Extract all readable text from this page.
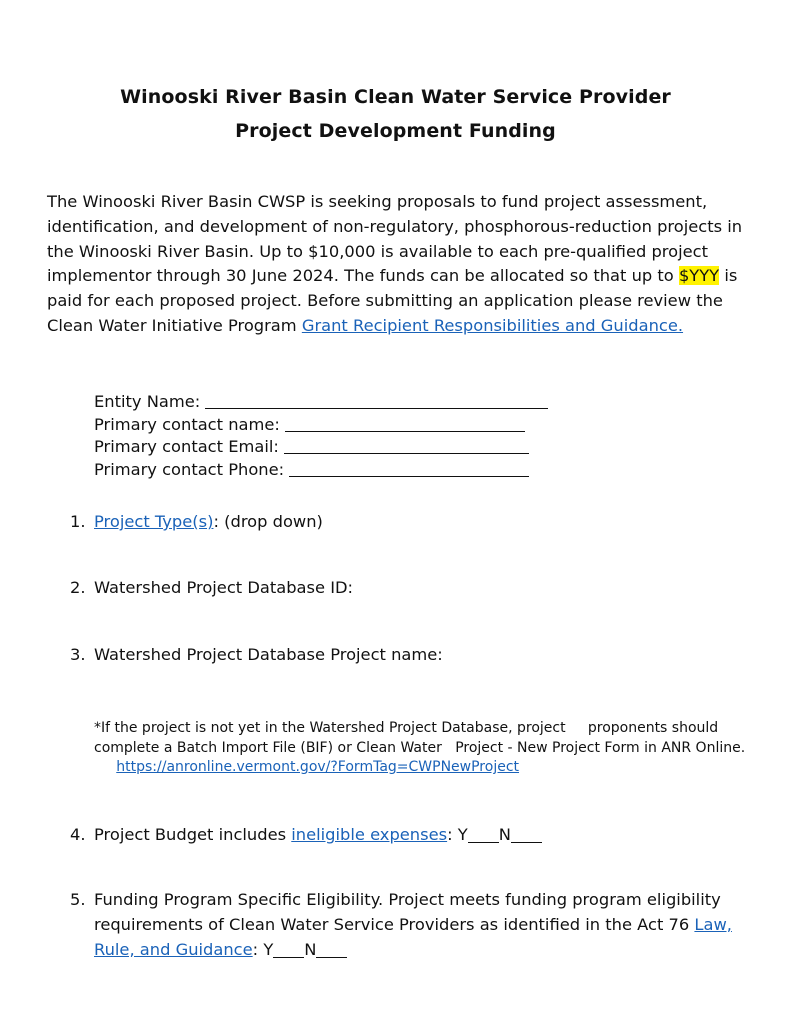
Winooski River Basin Clean Water Service Provider
Project Development Funding
The Winooski River Basin CWSP is seeking proposals to fund project assessment, identification, and development of non-regulatory, phosphorous-reduction projects in the Winooski River Basin. Up to $10,000 is available to each pre-qualified project implementor through 30 June 2024. The funds can be allocated so that up to $YYY is paid for each proposed project. Before submitting an application please review the Clean Water Initiative Program Grant Recipient Responsibilities and Guidance.
Entity Name:
Primary contact name:
Primary contact Email:
Primary contact Phone:
1. Project Type(s): (drop down)
2. Watershed Project Database ID:
3. Watershed Project Database Project name:
*If the project is not yet in the Watershed Project Database, project     proponents should complete a Batch Import File (BIF) or Clean Water   Project - New Project Form in ANR Online.      https://anronline.vermont.gov/?FormTag=CWPNewProject
4. Project Budget includes ineligible expenses: Y N
5. Funding Program Specific Eligibility. Project meets funding program eligibility requirements of Clean Water Service Providers as identified in the Act 76 Law, Rule, and Guidance: Y N
